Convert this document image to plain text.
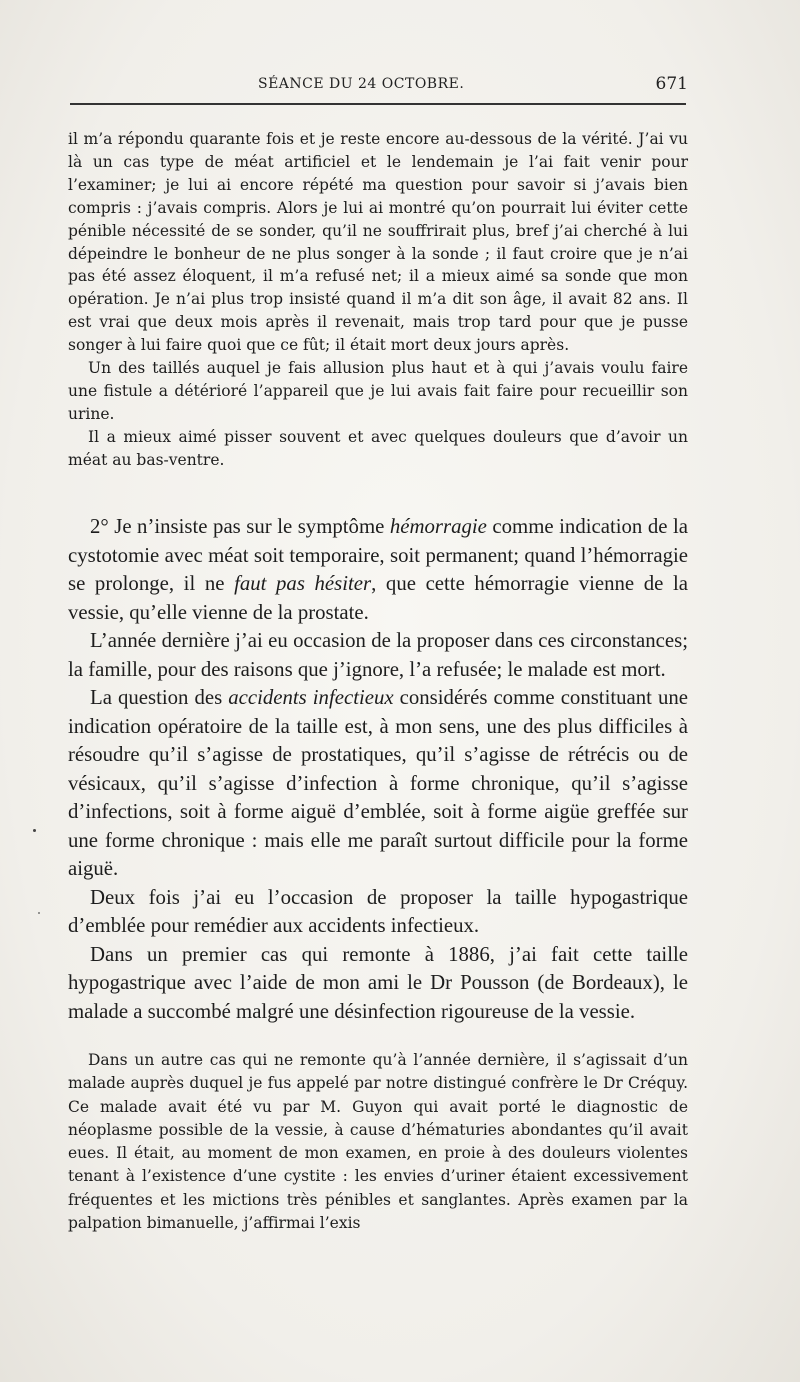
SÉANCE DU 24 OCTOBRE.	671

il m’a répondu quarante fois et je reste encore au-dessous de la vérité. J’ai vu là un cas type de méat artificiel et le lendemain je l’ai fait venir pour l’examiner; je lui ai encore répété ma question pour savoir si j’avais bien compris : j’avais compris. Alors je lui ai montré qu’on pourrait lui éviter cette pénible nécessité de se sonder, qu’il ne souffrirait plus, bref j’ai cherché à lui dépeindre le bonheur de ne plus songer à la sonde ; il faut croire que je n’ai pas été assez éloquent, il m’a refusé net; il a mieux aimé sa sonde que mon opération. Je n’ai plus trop insisté quand il m’a dit son âge, il avait 82 ans. Il est vrai que deux mois après il revenait, mais trop tard pour que je pusse songer à lui faire quoi que ce fût; il était mort deux jours après.

Un des taillés auquel je fais allusion plus haut et à qui j’avais voulu faire une fistule a détérioré l’appareil que je lui avais fait faire pour recueillir son urine.

Il a mieux aimé pisser souvent et avec quelques douleurs que d’avoir un méat au bas-ventre.

2° Je n’insiste pas sur le symptôme hémorragie comme indication de la cystotomie avec méat soit temporaire, soit permanent; quand l’hémorragie se prolonge, il ne faut pas hésiter, que cette hémorragie vienne de la vessie, qu’elle vienne de la prostate.

L’année dernière j’ai eu occasion de la proposer dans ces circonstances; la famille, pour des raisons que j’ignore, l’a refusée; le malade est mort.

La question des accidents infectieux considérés comme constituant une indication opératoire de la taille est, à mon sens, une des plus difficiles à résoudre qu’il s’agisse de prostatiques, qu’il s’agisse de rétrécis ou de vésicaux, qu’il s’agisse d’infection à forme chronique, qu’il s’agisse d’infections, soit à forme aiguë d’emblée, soit à forme aigüe greffée sur une forme chronique : mais elle me paraît surtout difficile pour la forme aiguë.

Deux fois j’ai eu l’occasion de proposer la taille hypogastrique d’emblée pour remédier aux accidents infectieux.

Dans un premier cas qui remonte à 1886, j’ai fait cette taille hypogastrique avec l’aide de mon ami le Dr Pousson (de Bordeaux), le malade a succombé malgré une désinfection rigoureuse de la vessie.

Dans un autre cas qui ne remonte qu’à l’année dernière, il s’agissait d’un malade auprès duquel je fus appelé par notre distingué confrère le Dr Créquy. Ce malade avait été vu par M. Guyon qui avait porté le diagnostic de néoplasme possible de la vessie, à cause d’hématuries abondantes qu’il avait eues. Il était, au moment de mon examen, en proie à des douleurs violentes tenant à l’existence d’une cystite : les envies d’uriner étaient excessivement fréquentes et les mictions très pénibles et sanglantes. Après examen par la palpation bimanuelle, j’affirmai l’exis
